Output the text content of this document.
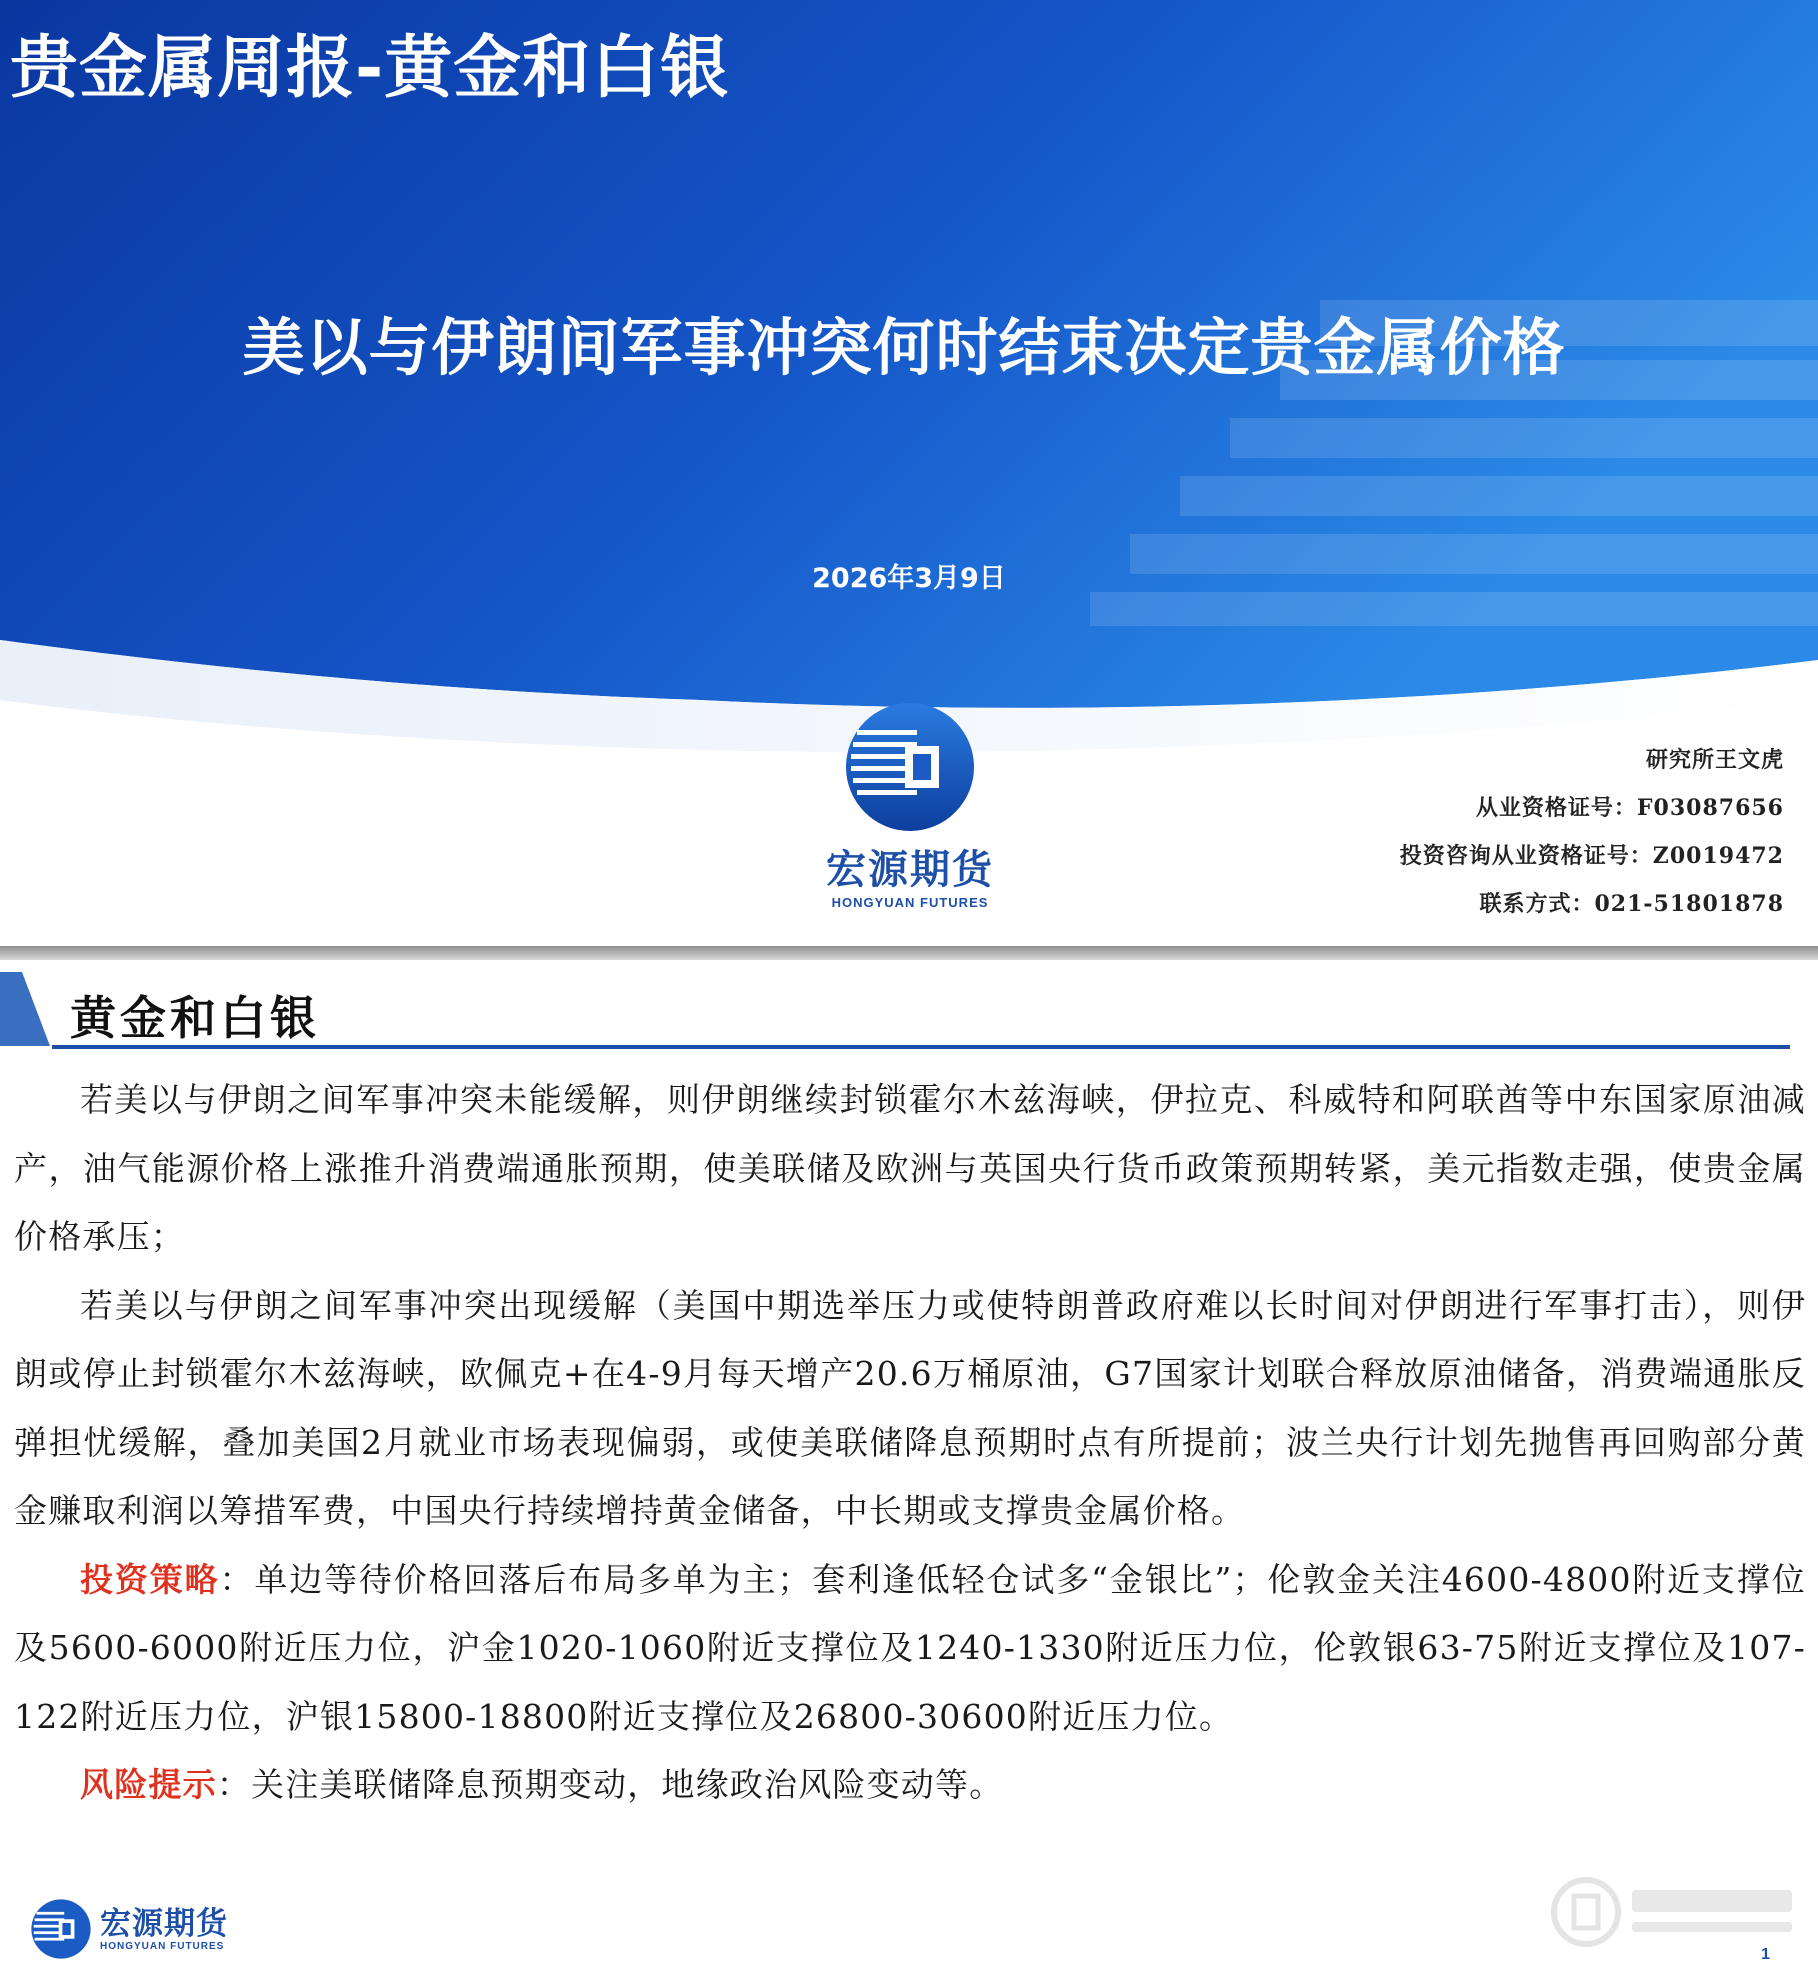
贵金属周报-黄金和白银
美以与伊朗间军事冲突何时结束决定贵金属价格
2026年3月9日
宏源期货
HONGYUAN FUTURES
研究所王文虎
从业资格证号：F03087656
投资咨询从业资格证号：Z0019472
联系方式：021-51801878
黄金和白银

若美以与伊朗之间军事冲突未能缓解，则伊朗继续封锁霍尔木兹海峡，伊拉克、科威特和阿联酋等中东国家原油减产，油气能源价格上涨推升消费端通胀预期，使美联储及欧洲与英国央行货币政策预期转紧，美元指数走强，使贵金属价格承压；

若美以与伊朗之间军事冲突出现缓解（美国中期选举压力或使特朗普政府难以长时间对伊朗进行军事打击），则伊朗或停止封锁霍尔木兹海峡，欧佩克+在4-9月每天增产20.6万桶原油，G7国家计划联合释放原油储备，消费端通胀反弹担忧缓解，叠加美国2月就业市场表现偏弱，或使美联储降息预期时点有所提前；波兰央行计划先抛售再回购部分黄金赚取利润以筹措军费，中国央行持续增持黄金储备，中长期或支撑贵金属价格。

投资策略：单边等待价格回落后布局多单为主；套利逢低轻仓试多“金银比”；伦敦金关注4600-4800附近支撑位及5600-6000附近压力位，沪金1020-1060附近支撑位及1240-1330附近压力位，伦敦银63-75附近支撑位及107-122附近压力位，沪银15800-18800附近支撑位及26800-30600附近压力位。

风险提示：关注美联储降息预期变动，地缘政治风险变动等。

宏源期货
HONGYUAN FUTURES	1
